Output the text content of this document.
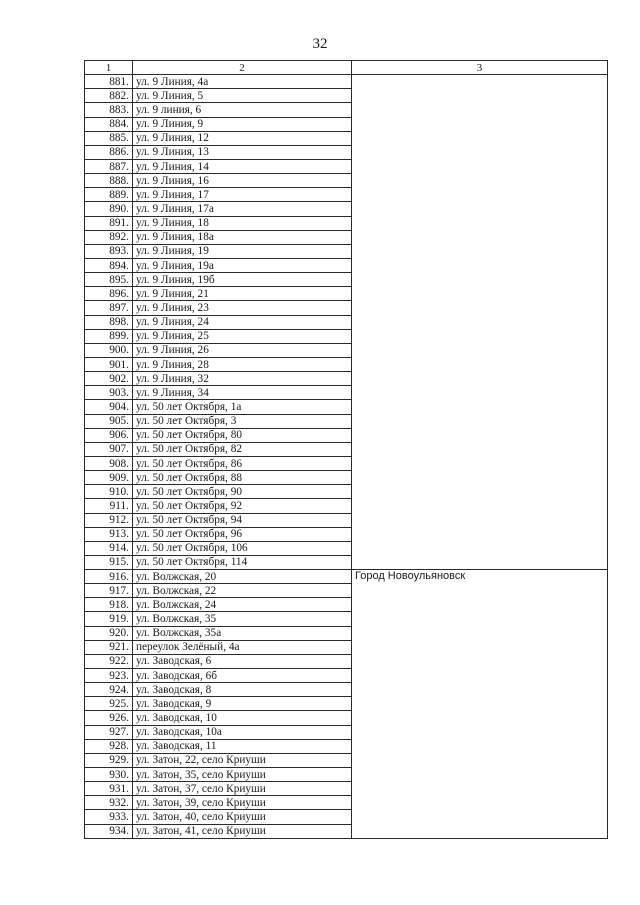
32
1	2	3
881.	ул. 9 Линия, 4а	
882.	ул. 9 Линия, 5	
883.	ул. 9 линия, 6	
884.	ул. 9 Линия, 9	
885.	ул. 9 Линия, 12	
886.	ул. 9 Линия, 13	
887.	ул. 9 Линия, 14	
888.	ул. 9 Линия, 16	
889.	ул. 9 Линия, 17	
890.	ул. 9 Линия, 17а	
891.	ул. 9 Линия, 18	
892.	ул. 9 Линия, 18а	
893.	ул. 9 Линия, 19	
894.	ул. 9 Линия, 19а	
895.	ул. 9 Линия, 19б	
896.	ул. 9 Линия, 21	
897.	ул. 9 Линия, 23	
898.	ул. 9 Линия, 24	
899.	ул. 9 Линия, 25	
900.	ул. 9 Линия, 26	
901.	ул. 9 Линия, 28	
902.	ул. 9 Линия, 32	
903.	ул. 9 Линия, 34	
904.	ул. 50 лет Октября, 1а	
905.	ул. 50 лет Октября, 3	
906.	ул. 50 лет Октября, 80	
907.	ул. 50 лет Октября, 82	
908.	ул. 50 лет Октября, 86	
909.	ул. 50 лет Октября, 88	
910.	ул. 50 лет Октября, 90	
911.	ул. 50 лет Октября, 92	
912.	ул. 50 лет Октября, 94	
913.	ул. 50 лет Октября, 96	
914.	ул. 50 лет Октября, 106	
915.	ул. 50 лет Октября, 114	
916.	ул. Волжская, 20	Город Новоульяновск
917.	ул. Волжская, 22	
918.	ул. Волжская, 24	
919.	ул. Волжская, 35	
920.	ул. Волжская, 35а	
921.	переулок Зелёный, 4а	
922.	ул. Заводская, 6	
923.	ул. Заводская, 6б	
924.	ул. Заводская, 8	
925.	ул. Заводская, 9	
926.	ул. Заводская, 10	
927.	ул. Заводская, 10а	
928.	ул. Заводская, 11	
929.	ул. Затон, 22, село Криуши	
930.	ул. Затон, 35, село Криуши	
931.	ул. Затон, 37, село Криуши	
932.	ул. Затон, 39, село Криуши	
933.	ул. Затон, 40, село Криуши	
934.	ул. Затон, 41, село Криуши	
